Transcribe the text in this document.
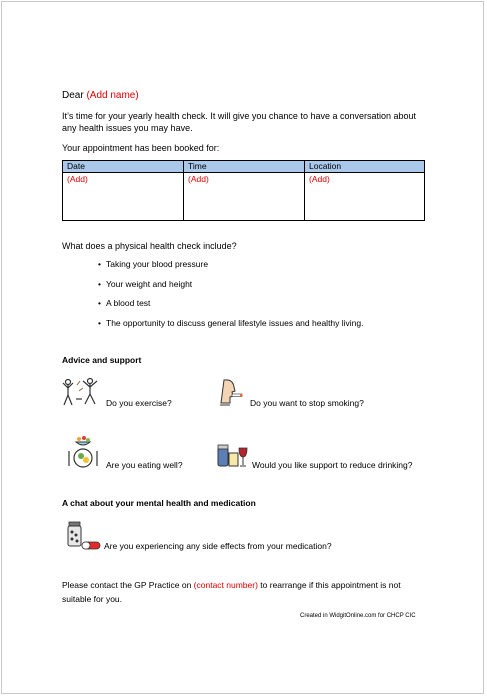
Dear (Add name)
It’s time for your yearly health check. It will give you chance to have a conversation about
any health issues you may have.
Your appointment has been booked for:
Date	Time	Location
(Add)	(Add)	(Add)
What does a physical health check include?
• Taking your blood pressure
• Your weight and height
• A blood test
• The opportunity to discuss general lifestyle issues and healthy living.
Advice and support
Do you exercise?	Do you want to stop smoking?
Are you eating well?	Would you like support to reduce drinking?
A chat about your mental health and medication
Are you experiencing any side effects from your medication?
Please contact the GP Practice on (contact number) to rearrange if this appointment is not
suitable for you.
Created in WidgitOnline.com for CHCP CIC
